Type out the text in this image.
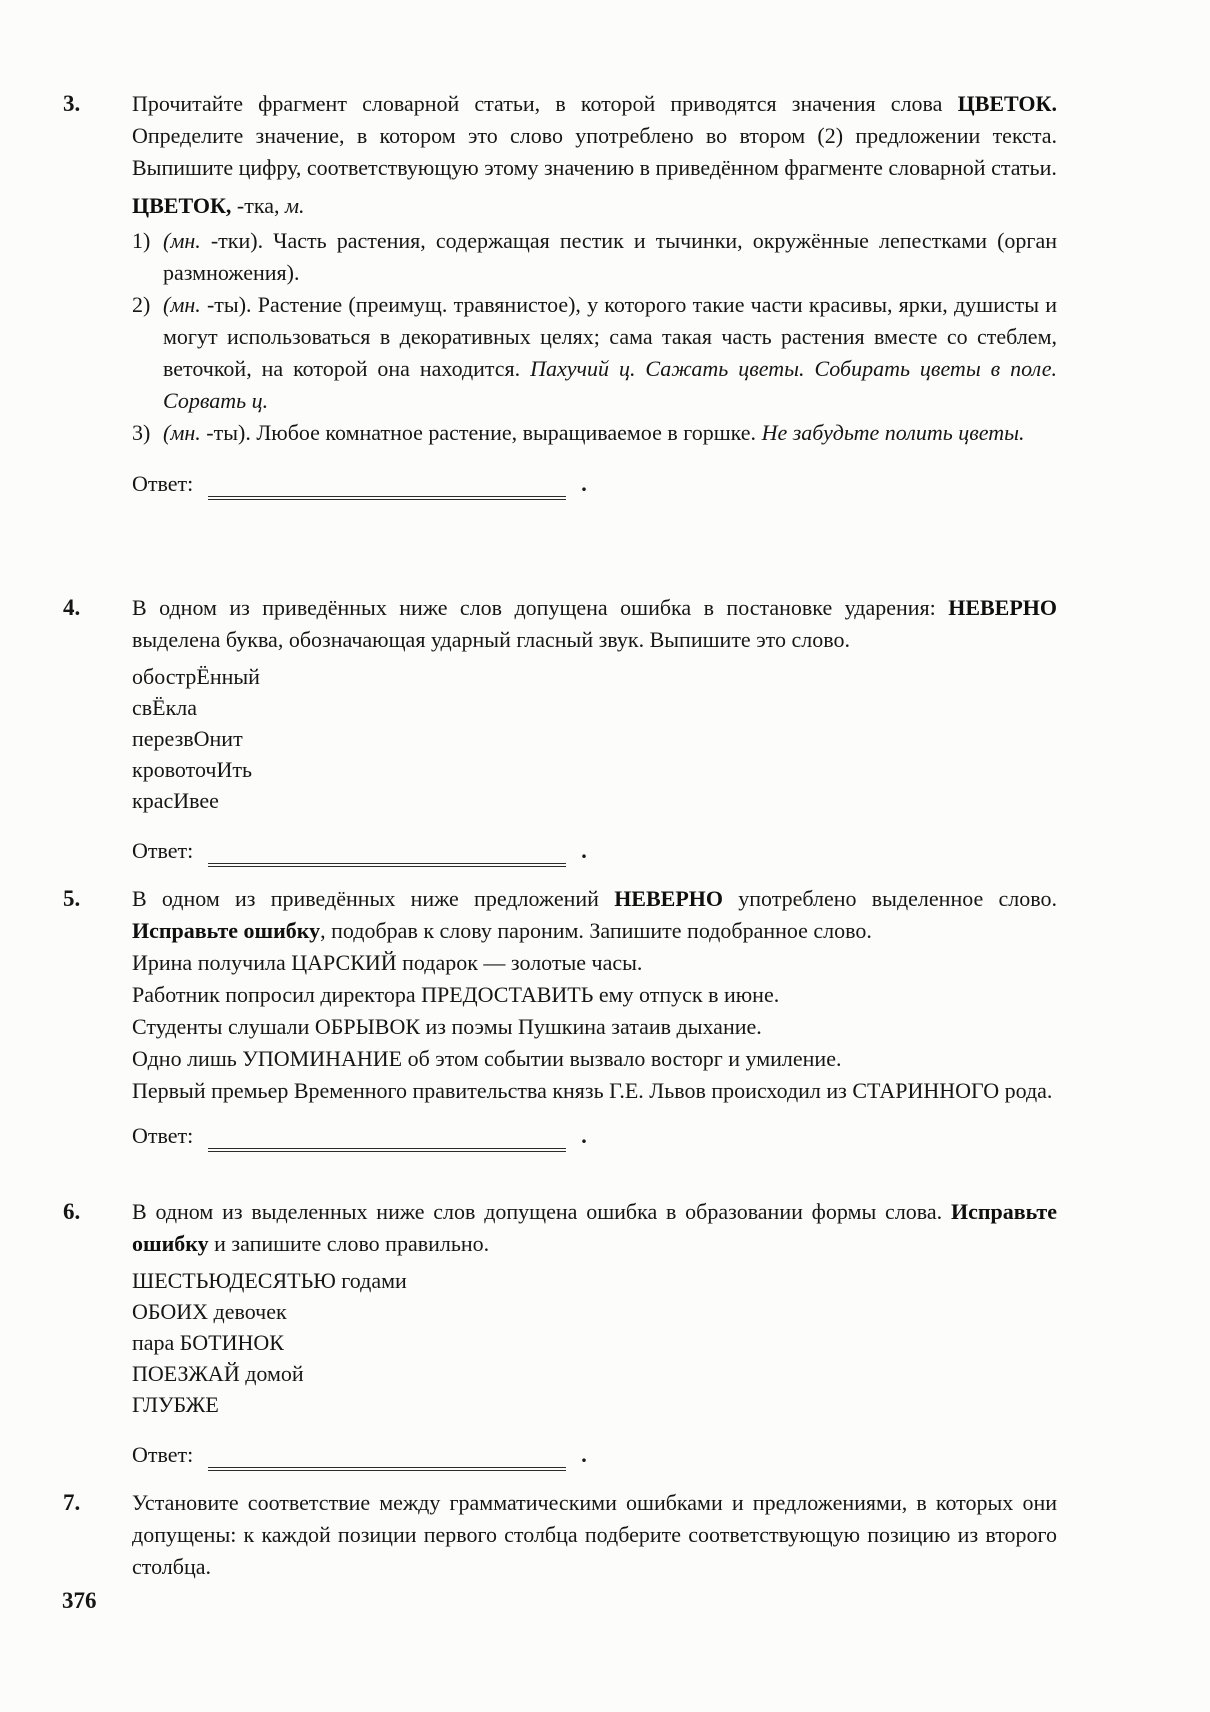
3.	Прочитайте фрагмент словарной статьи, в которой приводятся значения слова ЦВЕТОК. Определите значение, в котором это слово употреблено во втором (2) предложении текста. Выпишите цифру, соответствующую этому значению в приведённом фрагменте словарной статьи.

ЦВЕТОК, -тка, м.

1) (мн. -тки). Часть растения, содержащая пестик и тычинки, окружённые лепестками (орган размножения).

2) (мн. -ты). Растение (преимущ. травянистое), у которого такие части красивы, ярки, душисты и могут использоваться в декоративных целях; сама такая часть растения вместе со стеблем, веточкой, на которой она находится. Пахучий ц. Сажать цветы. Собирать цветы в поле. Сорвать ц.

3) (мн. -ты). Любое комнатное растение, выращиваемое в горшке. Не забудьте полить цветы.

Ответ:	.
4.	В одном из приведённых ниже слов допущена ошибка в постановке ударения: НЕВЕРНО выделена буква, обозначающая ударный гласный звук. Выпишите это слово.

обострЁнный
свЁкла
перезвОнит
кровоточИть
красИвее
Ответ:	.
5.	В одном из приведённых ниже предложений НЕВЕРНО употреблено выделенное слово. Исправьте ошибку, подобрав к слову пароним. Запишите подобранное слово.

Ирина получила ЦАРСКИЙ подарок — золотые часы.

Работник попросил директора ПРЕДОСТАВИТЬ ему отпуск в июне.

Студенты слушали ОБРЫВОК из поэмы Пушкина затаив дыхание.

Одно лишь УПОМИНАНИЕ об этом событии вызвало восторг и умиление.

Первый премьер Временного правительства князь Г.Е. Львов происходил из СТАРИННОГО рода.

Ответ:	.
6.	В одном из выделенных ниже слов допущена ошибка в образовании формы слова. Исправьте ошибку и запишите слово правильно.

ШЕСТЬЮДЕСЯТЬЮ годами
ОБОИХ девочек
пара БОТИНОК
ПОЕЗЖАЙ домой
ГЛУБЖЕ
Ответ:	.
7.	Установите соответствие между грамматическими ошибками и предложениями, в которых они допущены: к каждой позиции первого столбца подберите соответствующую позицию из второго столбца.

376
